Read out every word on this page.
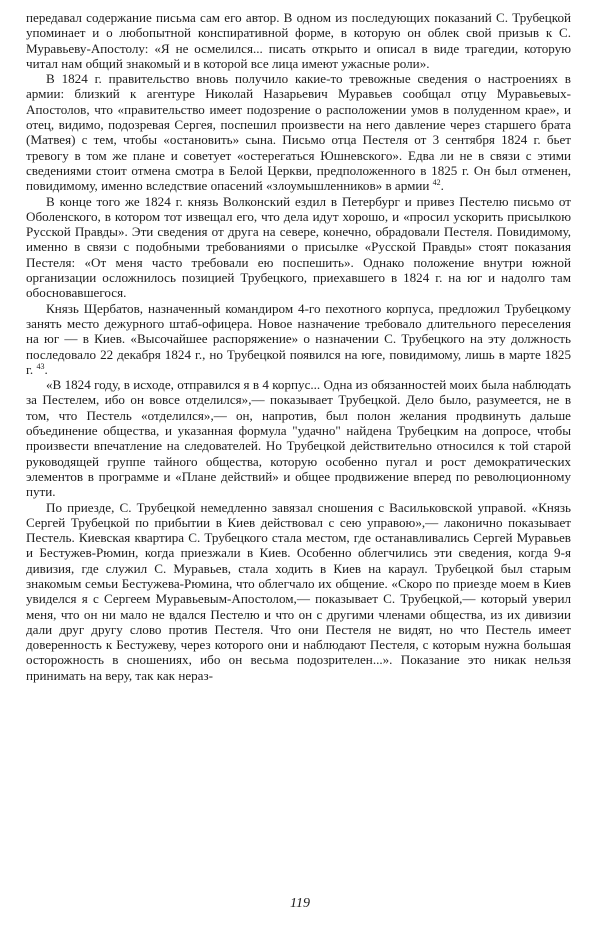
передавал содержание письма сам его автор. В одном из последующих показаний С. Трубецкой упоминает и о любопытной конспиративной форме, в которую он облек свой призыв к С. Муравьеву-Апостолу: «Я не осмелился... писать открыто и описал в виде трагедии, которую читал нам общий знакомый и в которой все лица имеют ужасные роли».

В 1824 г. правительство вновь получило какие-то тревожные сведения о настроениях в армии: близкий к агентуре Николай Назарьевич Муравьев сообщал отцу Муравьевых-Апостолов, что «правительство имеет подозрение о расположении умов в полуденном крае», и отец, видимо, подозревая Сергея, поспешил произвести на него давление через старшего брата (Матвея) с тем, чтобы «остановить» сына. Письмо отца Пестеля от 3 сентября 1824 г. бьет тревогу в том же плане и советует «остерегаться Юшневского». Едва ли не в связи с этими сведениями стоит отмена смотра в Белой Церкви, предположенного в 1825 г. Он был отменен, повидимому, именно вследствие опасений «злоумышленников» в армии $^{42}$.

В конце того же 1824 г. князь Волконский ездил в Петербург и привез Пестелю письмо от Оболенского, в котором тот извещал его, что дела идут хорошо, и «просил ускорить присылкою Русской Правды». Эти сведения от друга на севере, конечно, обрадовали Пестеля. Повидимому, именно в связи с подобными требованиями о присылке «Русской Правды» стоят показания Пестеля: «От меня часто требовали ею поспешить». Однако положение внутри южной организации осложнилось позицией Трубецкого, приехавшего в 1824 г. на юг и надолго там обосновавшегося.

Князь Щербатов, назначенный командиром 4-го пехотного корпуса, предложил Трубецкому занять место дежурного штаб-офицера. Новое назначение требовало длительного переселения на юг — в Киев. «Высочайшее распоряжение» о назначении С. Трубецкого на эту должность последовало 22 декабря 1824 г., но Трубецкой появился на юге, повидимому, лишь в марте 1825 г. $^{43}$.

«В 1824 году, в исходе, отправился я в 4 корпус... Одна из обязанностей моих была наблюдать за Пестелем, ибо он вовсе отделился»,— показывает Трубецкой. Дело было, разумеется, не в том, что Пестель «отделился»,— он, напротив, был полон желания продвинуть дальше объединение общества, и указанная формула "удачно" найдена Трубецким на допросе, чтобы произвести впечатление на следователей. Но Трубецкой действительно относился к той старой руководящей группе тайного общества, которую особенно пугал и рост демократических элементов в программе и «Плане действий» и общее продвижение вперед по революционному пути.

По приезде, С. Трубецкой немедленно завязал сношения с Васильковской управой. «Князь Сергей Трубецкой по прибытии в Киев действовал с сею управою»,— лаконично показывает Пестель. Киевская квартира С. Трубецкого стала местом, где останавливались Сергей Муравьев и Бестужев-Рюмин, когда приезжали в Киев. Особенно облегчились эти сведения, когда 9-я дивизия, где служил С. Муравьев, стала ходить в Киев на караул. Трубецкой был старым знакомым семьи Бестужева-Рюмина, что облегчало их общение. «Скоро по приезде моем в Киев увиделся я с Сергеем Муравьевым-Апостолом,— показывает С. Трубецкой,— который уверил меня, что он ни мало не вдался Пестелю и что он с другими членами общества, из их дивизии дали друг другу слово против Пестеля. Что они Пестеля не видят, но что Пестель имеет доверенность к Бестужеву, через которого они и наблюдают Пестеля, с которым нужна большая осторожность в сношениях, ибо он весьма подозрителен...». Показание это никак нельзя принимать на веру, так как нераз-

119
